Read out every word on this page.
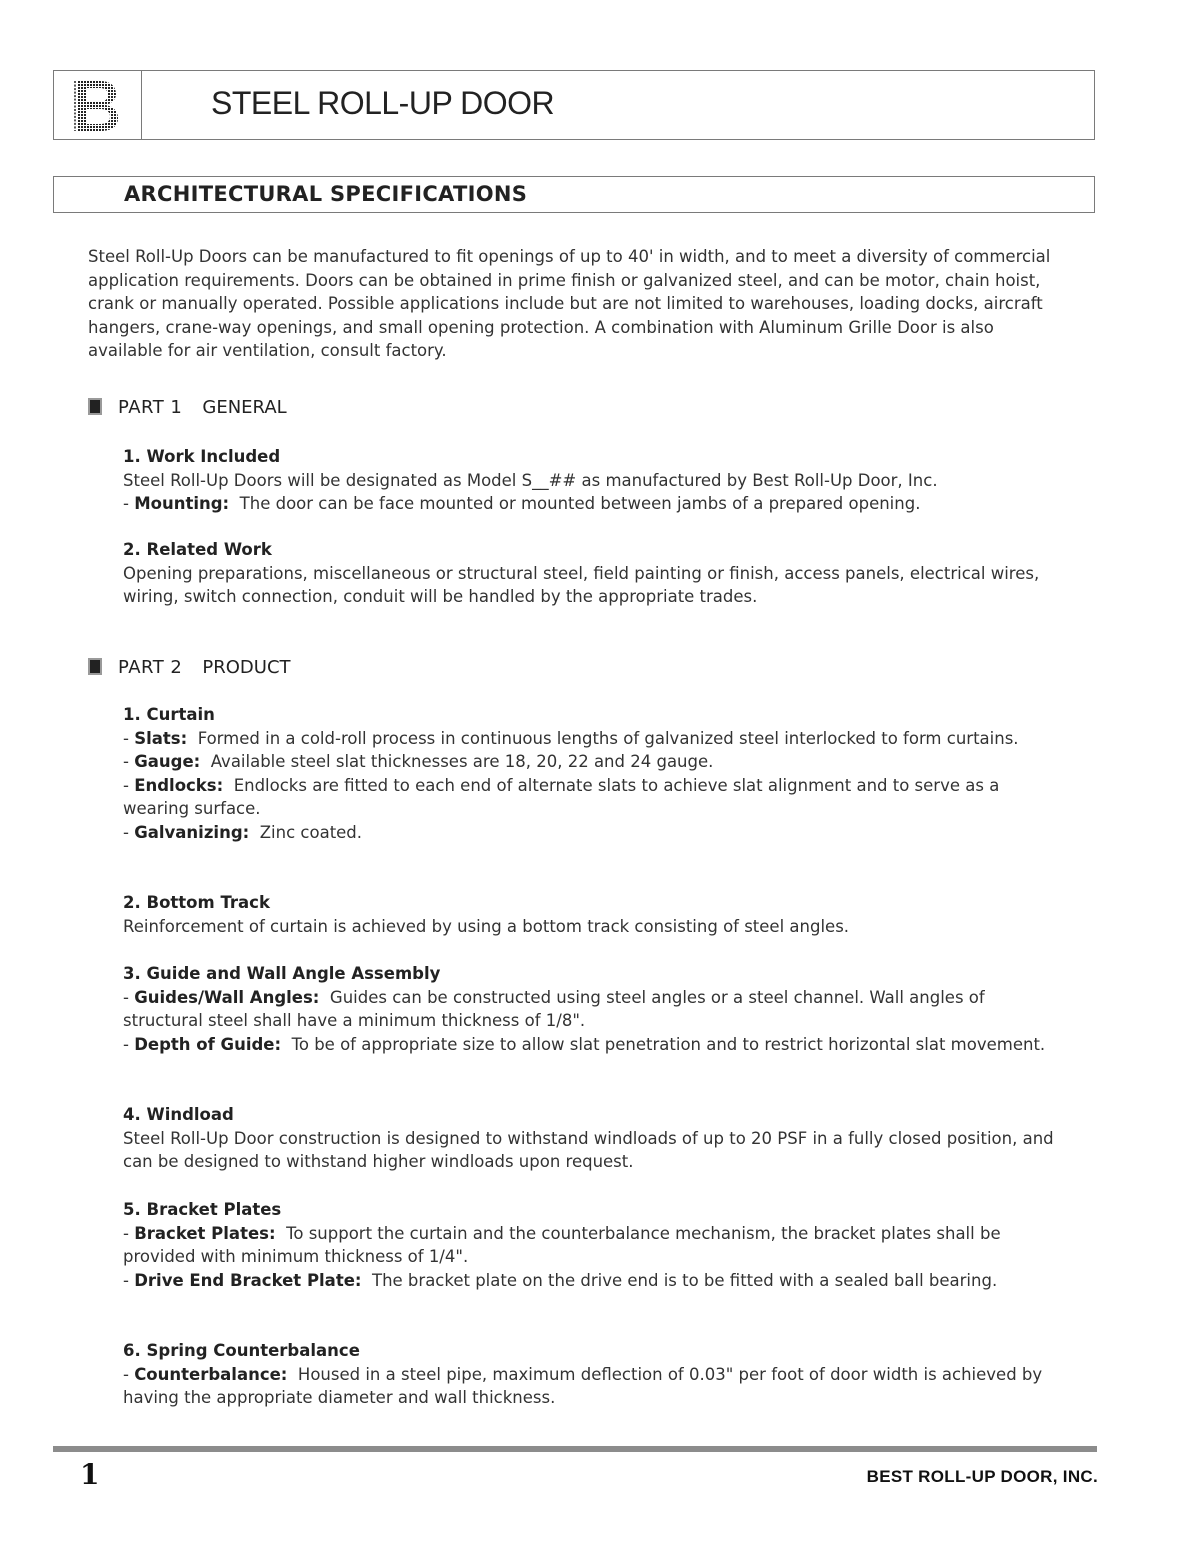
STEEL ROLL-UP DOOR
ARCHITECTURAL SPECIFICATIONS

Steel Roll-Up Doors can be manufactured to fit openings of up to 40' in width, and to meet a diversity of commercial application requirements. Doors can be obtained in prime finish or galvanized steel, and can be motor, chain hoist, crank or manually operated. Possible applications include but are not limited to warehouses, loading docks, aircraft hangers, crane-way openings, and small opening protection. A combination with Aluminum Grille Door is also available for air ventilation, consult factory.

PART 1 GENERAL

1. Work Included

Steel Roll-Up Doors will be designated as Model S__## as manufactured by Best Roll-Up Door, Inc.

- Mounting: The door can be face mounted or mounted between jambs of a prepared opening.

2. Related Work

Opening preparations, miscellaneous or structural steel, field painting or finish, access panels, electrical wires, wiring, switch connection, conduit will be handled by the appropriate trades.

PART 2 PRODUCT

1. Curtain

- Slats: Formed in a cold-roll process in continuous lengths of galvanized steel interlocked to form curtains.

- Gauge: Available steel slat thicknesses are 18, 20, 22 and 24 gauge.

- Endlocks: Endlocks are fitted to each end of alternate slats to achieve slat alignment and to serve as a wearing surface.

- Galvanizing: Zinc coated.

2. Bottom Track

Reinforcement of curtain is achieved by using a bottom track consisting of steel angles.

3. Guide and Wall Angle Assembly

- Guides/Wall Angles: Guides can be constructed using steel angles or a steel channel. Wall angles of structural steel shall have a minimum thickness of 1/8".

- Depth of Guide: To be of appropriate size to allow slat penetration and to restrict horizontal slat movement.

4. Windload

Steel Roll-Up Door construction is designed to withstand windloads of up to 20 PSF in a fully closed position, and can be designed to withstand higher windloads upon request.

5. Bracket Plates

- Bracket Plates: To support the curtain and the counterbalance mechanism, the bracket plates shall be provided with minimum thickness of 1/4".

- Drive End Bracket Plate: The bracket plate on the drive end is to be fitted with a sealed ball bearing.

6. Spring Counterbalance

- Counterbalance: Housed in a steel pipe, maximum deflection of 0.03" per foot of door width is achieved by having the appropriate diameter and wall thickness.

1	BEST ROLL-UP DOOR, INC.
